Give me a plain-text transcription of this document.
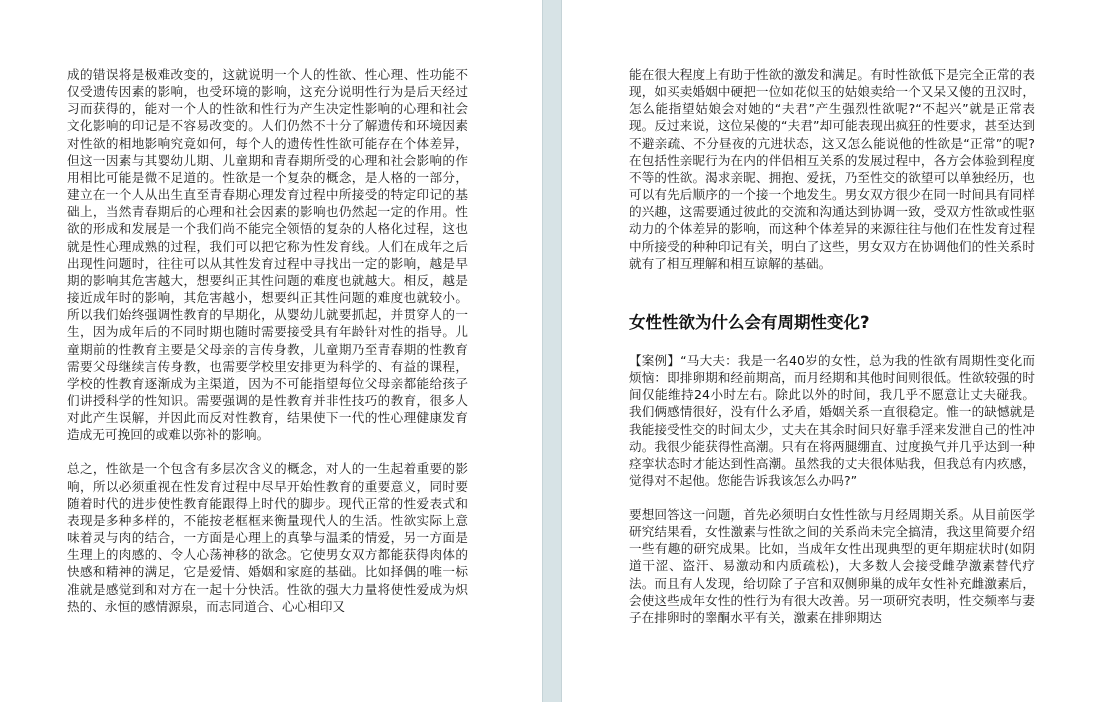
成的错误将是极难改变的，这就说明一个人的性欲、性心理、性功能不仅受遗传因素的影响，也受环境的影响，这充分说明性行为是后天经过习而获得的，能对一个人的性欲和性行为产生决定性影响的心理和社会文化影响的印记是不容易改变的。人们仍然不十分了解遗传和环境因素对性欲的相地影响究竟如何，每个人的遗传性性欲可能存在个体差异，但这一因素与其婴幼儿期、儿童期和青春期所受的心理和社会影响的作用相比可能是微不足道的。性欲是一个复杂的概念，是人格的一部分，建立在一个人从出生直至青春期心理发育过程中所接受的特定印记的基础上，当然青春期后的心理和社会因素的影响也仍然起一定的作用。性欲的形成和发展是一个我们尚不能完全领悟的复杂的人格化过程，这也就是性心理成熟的过程，我们可以把它称为性发育线。人们在成年之后出现性问题时，往往可以从其性发育过程中寻找出一定的影响，越是早期的影响其危害越大，想要纠正其性问题的难度也就越大。相反，越是接近成年时的影响，其危害越小，想要纠正其性问题的难度也就较小。所以我们始终强调性教育的早期化，从婴幼儿就要抓起，并贯穿人的一生，因为成年后的不同时期也随时需要接受具有年龄针对性的指导。儿童期前的性教育主要是父母亲的言传身教，儿童期乃至青春期的性教育需要父母继续言传身教，也需要学校里安排更为科学的、有益的课程，学校的性教育逐渐成为主渠道，因为不可能指望每位父母亲都能给孩子们讲授科学的性知识。需要强调的是性教育并非性技巧的教育，很多人对此产生误解，并因此而反对性教育，结果使下一代的性心理健康发育造成无可挽回的或难以弥补的影响。

总之，性欲是一个包含有多层次含义的概念，对人的一生起着重要的影响，所以必须重视在性发育过程中尽早开始性教育的重要意义，同时要随着时代的进步使性教育能跟得上时代的脚步。现代正常的性爱表式和表现是多种多样的，不能按老框框来衡量现代人的生活。性欲实际上意味着灵与肉的结合，一方面是心理上的真挚与温柔的情爱，另一方面是生理上的肉感的、令人心荡神移的欲念。它使男女双方都能获得肉体的快感和精神的满足，它是爱情、婚姻和家庭的基础。比如择偶的唯一标准就是感觉到和对方在一起十分快活。性欲的强大力量将使性爱成为炽热的、永恒的感情源泉，而志同道合、心心相印又

能在很大程度上有助于性欲的激发和满足。有时性欲低下是完全正常的表现，如买卖婚姻中硬把一位如花似玉的姑娘卖给一个又呆又傻的丑汉时，怎么能指望姑娘会对她的“夫君”产生强烈性欲呢?“不起兴”就是正常表现。反过来说，这位呆傻的“夫君”却可能表现出疯狂的性要求，甚至达到不避亲疏、不分昼夜的亢进状态，这又怎么能说他的性欲是“正常”的呢?在包括性亲昵行为在内的伴侣相互关系的发展过程中，各方会体验到程度不等的性欲。渴求亲昵、拥抱、爱抚，乃至性交的欲望可以单独经历，也可以有先后顺序的一个接一个地发生。男女双方很少在同一时间具有同样的兴趣，这需要通过彼此的交流和沟通达到协调一致，受双方性欲或性驱动力的个体差异的影响，而这种个体差异的来源往往与他们在性发育过程中所接受的种种印记有关，明白了这些，男女双方在协调他们的性关系时就有了相互理解和相互谅解的基础。
女性性欲为什么会有周期性变化?
【案例】“马大夫：我是一名40岁的女性，总为我的性欲有周期性变化而烦恼：即排卵期和经前期高，而月经期和其他时间则很低。性欲较强的时间仅能维持24小时左右。除此以外的时间，我几乎不愿意让丈夫碰我。我们俩感情很好，没有什么矛盾，婚姻关系一直很稳定。惟一的缺憾就是我能接受性交的时间太少，丈夫在其余时间只好靠手淫来发泄自己的性冲动。我很少能获得性高潮。只有在将两腿绷直、过度换气并几乎达到一种痉挛状态时才能达到性高潮。虽然我的丈夫很体贴我，但我总有内疚感，觉得对不起他。您能告诉我该怎么办吗?”
要想回答这一问题，首先必须明白女性性欲与月经周期关系。从目前医学研究结果看，女性激素与性欲之间的关系尚未完全搞清，我这里简要介绍一些有趣的研究成果。比如，当成年女性出现典型的更年期症状时(如阴道干涩、盗汗、易激动和内质疏松)，大多数人会接受雌孕激素替代疗法。而且有人发现，给切除了子宫和双侧卵巢的成年女性补充雌激素后，会使这些成年女性的性行为有很大改善。另一项研究表明，性交频率与妻子在排卵时的睾酮水平有关，激素在排卵期达
